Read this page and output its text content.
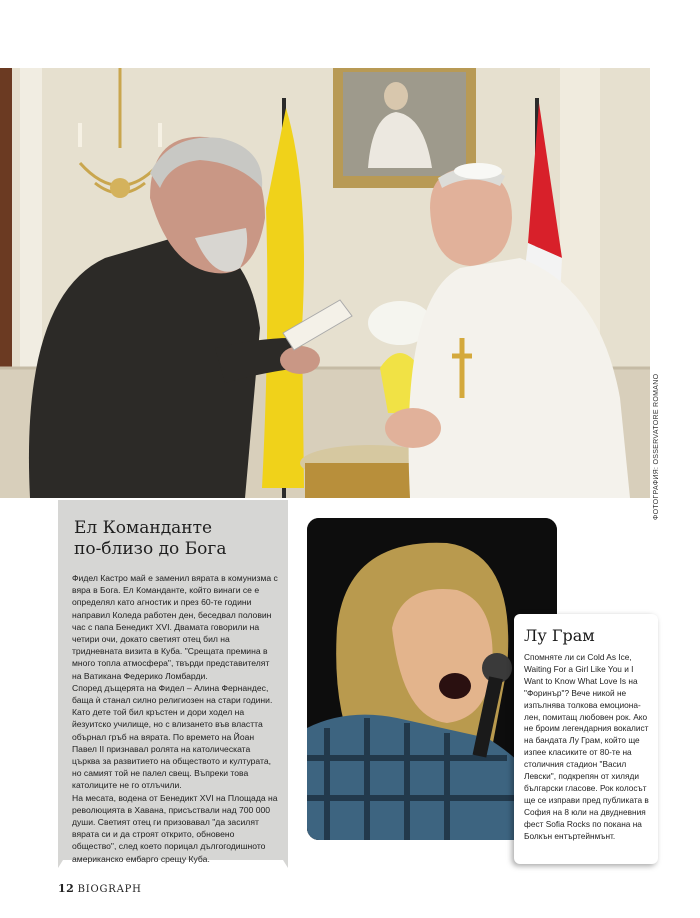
ФОТОГРАФИЯ: OSSERVATORE ROMANO
Ел Команданте
по-близо до Бога

Фидел Кастро май е заменил вярата в комунизма с вяра в Бога. Ел Команданте, който винаги се е определял като агностик и през 60-те години направил Коледа работен ден, беседвал половин час с папа Бенедикт XVI. Двамата говорили на четири очи, докато светият отец бил на тридневната визита в Куба. "Срещата премина в много топла атмосфера", твърди представителят на Ватикана Федерико Ломбарди.

Според дъщерята на Фидел – Алина Фернандес, баща ѝ станал силно религиозен на стари години. Като дете той бил кръстен и дори ходел на йезуитско училище, но с влизането във властта обърнал гръб на вярата. По времето на Йоан Павел II признавал ролята на католическата църква за развитието на обществото и културата, но самият той не палел свещ. Въпреки това католиците не го отлъчили.

На месата, водена от Бенедикт XVI на Площада на революцията в Хавана, присъствали над 700 000 души. Светият отец ги призовавал "да засилят вярата си и да строят открито, обновено общество", след което порицал дългогодишното американско ембарго срещу Куба.

Лу Грам
Спомняте ли си Cold As Ice, Waiting For a Girl Like You и I Want to Know What Love Is на "Форинър"? Вече никой не изпълнява толкова емоционален, помитащ любовен рок. Ако не броим легендарния вокалист на бандата Лу Грам, който ще изпее класиките от 80-те на столичния стадион "Васил Левски", подкрепян от хиляди български гласове. Рок колосът ще се изправи пред публиката в София на 8 юли на двудневния фест Sofia Rocks по покана на Болкън ентъртейнмънт.
12 BIOGRAPH
